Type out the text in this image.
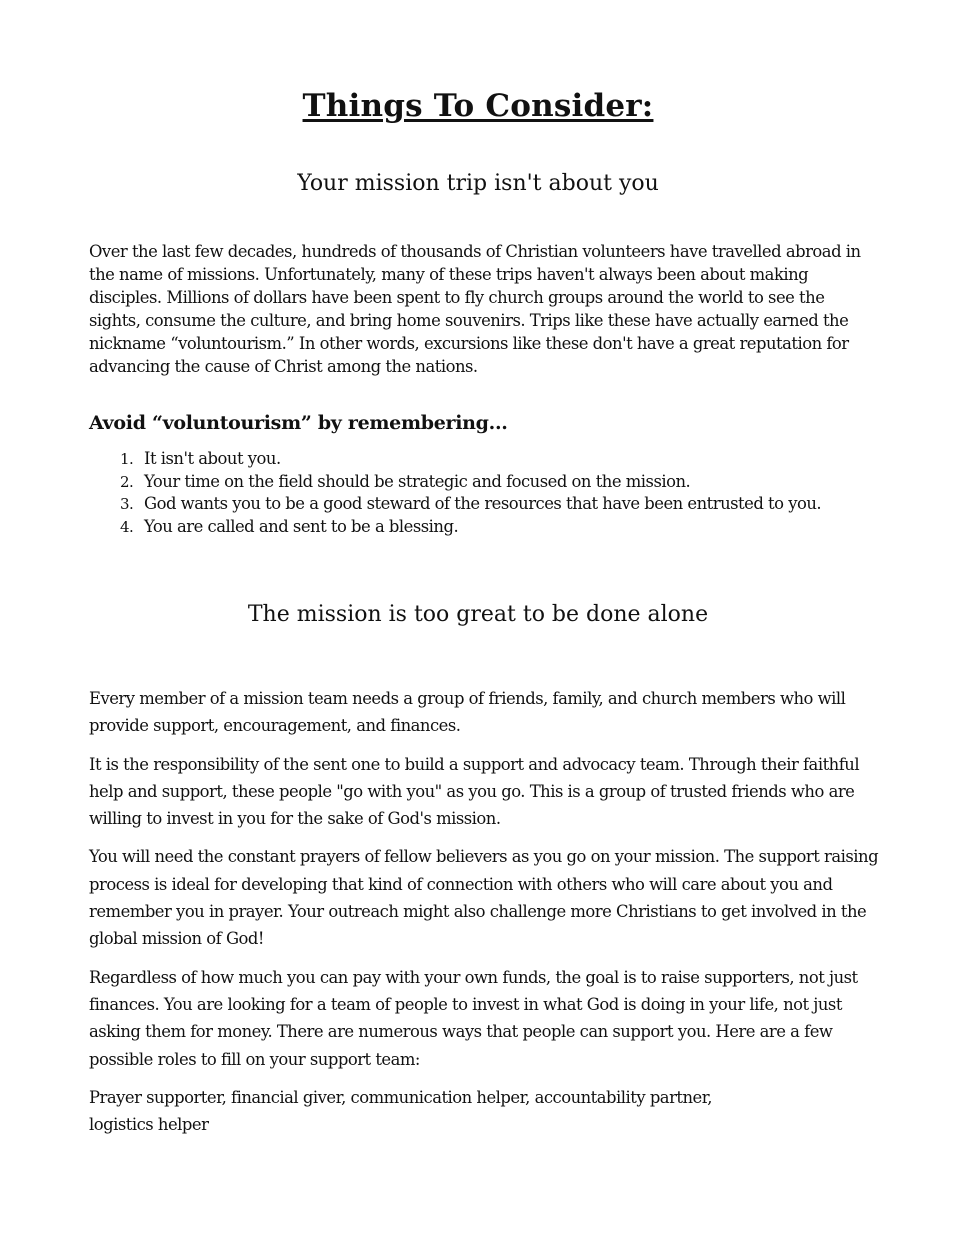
Things To Consider:
Your mission trip isn't about you

Over the last few decades, hundreds of thousands of Christian volunteers have travelled abroad in the name of missions. Unfortunately, many of these trips haven't always been about making disciples. Millions of dollars have been spent to fly church groups around the world to see the sights, consume the culture, and bring home souvenirs. Trips like these have actually earned the nickname “voluntourism.” In other words, excursions like these don't have a great reputation for advancing the cause of Christ among the nations.

Avoid “voluntourism” by remembering...
1. It isn't about you.
2. Your time on the field should be strategic and focused on the mission.
3. God wants you to be a good steward of the resources that have been entrusted to you.
4. You are called and sent to be a blessing.
The mission is too great to be done alone

Every member of a mission team needs a group of friends, family, and church members who will provide support, encouragement, and finances.

It is the responsibility of the sent one to build a support and advocacy team. Through their faithful help and support, these people "go with you" as you go. This is a group of trusted friends who are willing to invest in you for the sake of God's mission.

You will need the constant prayers of fellow believers as you go on your mission. The support raising process is ideal for developing that kind of connection with others who will care about you and remember you in prayer. Your outreach might also challenge more Christians to get involved in the global mission of God!

Regardless of how much you can pay with your own funds, the goal is to raise supporters, not just finances. You are looking for a team of people to invest in what God is doing in your life, not just asking them for money. There are numerous ways that people can support you. Here are a few possible roles to fill on your support team:

Prayer supporter, financial giver, communication helper, accountability partner,
logistics helper
